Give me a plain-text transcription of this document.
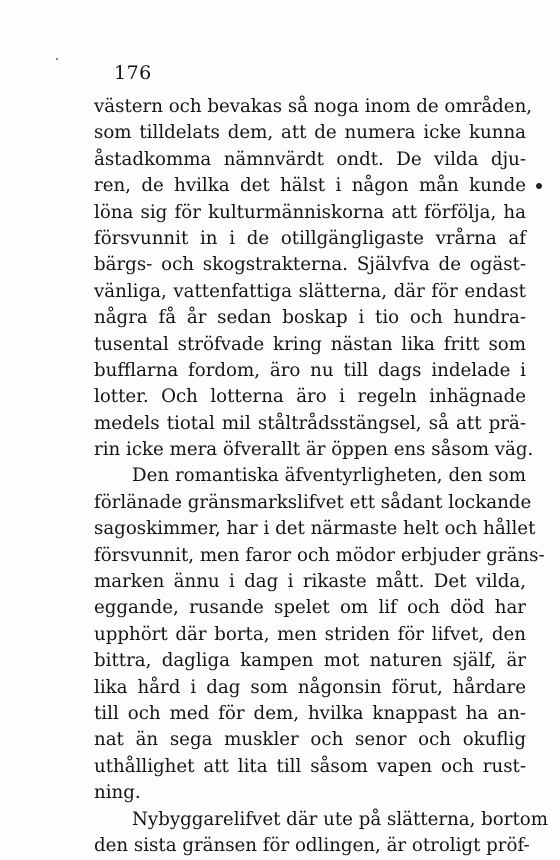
176
västern och bevakas så noga inom de områden,
som tilldelats dem, att de numera icke kunna
åstadkomma nämnvärdt ondt. De vilda dju-
ren, de hvilka det hälst i någon mån kunde
löna sig för kulturmänniskorna att förfölja, ha
försvunnit in i de otillgängligaste vrårna af
bärgs- och skogstrakterna. Självfva de ogäst-
vänliga, vattenfattiga slätterna, där för endast
några få år sedan boskap i tio och hundra-
tusental ströfvade kring nästan lika fritt som
bufflarna fordom, äro nu till dags indelade i
lotter. Och lotterna äro i regeln inhägnade
medels tiotal mil ståltrådsstängsel, så att prä-
rin icke mera öfverallt är öppen ens såsom väg.
Den romantiska äfventyrligheten, den som
förlänade gränsmarkslifvet ett sådant lockande
sagoskimmer, har i det närmaste helt och hållet
försvunnit, men faror och mödor erbjuder gräns-
marken ännu i dag i rikaste mått. Det vilda,
eggande, rusande spelet om lif och död har
upphört där borta, men striden för lifvet, den
bittra, dagliga kampen mot naturen själf, är
lika hård i dag som någonsin förut, hårdare
till och med för dem, hvilka knappast ha an-
nat än sega muskler och senor och okuflig
uthållighet att lita till såsom vapen och rust-
ning.
Nybyggarelifvet där ute på slätterna, bortom
den sista gränsen för odlingen, är otroligt pröf-
